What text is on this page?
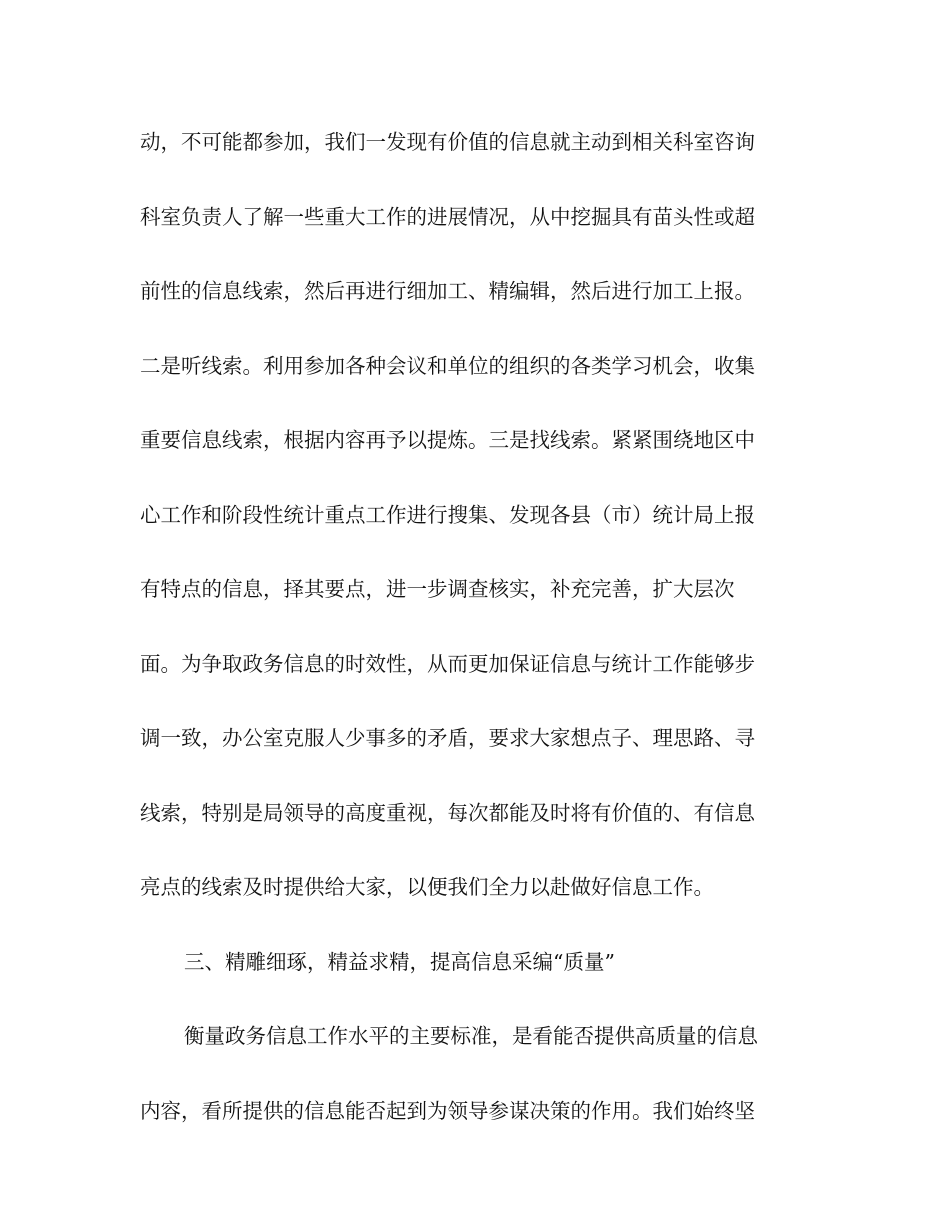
动，不可能都参加，我们一发现有价值的信息就主动到相关科室咨询
科室负责人了解一些重大工作的进展情况，从中挖掘具有苗头性或超
前性的信息线索，然后再进行细加工、精编辑，然后进行加工上报。
二是听线索。利用参加各种会议和单位的组织的各类学习机会，收集
重要信息线索，根据内容再予以提炼。三是找线索。紧紧围绕地区中
心工作和阶段性统计重点工作进行搜集、发现各县（市）统计局上报
有特点的信息，择其要点，进一步调查核实，补充完善，扩大层次
面。为争取政务信息的时效性，从而更加保证信息与统计工作能够步
调一致，办公室克服人少事多的矛盾，要求大家想点子、理思路、寻
线索，特别是局领导的高度重视，每次都能及时将有价值的、有信息
亮点的线索及时提供给大家，以便我们全力以赴做好信息工作。
三、精雕细琢，精益求精，提高信息采编“质量”
衡量政务信息工作水平的主要标准，是看能否提供高质量的信息
内容，看所提供的信息能否起到为领导参谋决策的作用。我们始终坚
